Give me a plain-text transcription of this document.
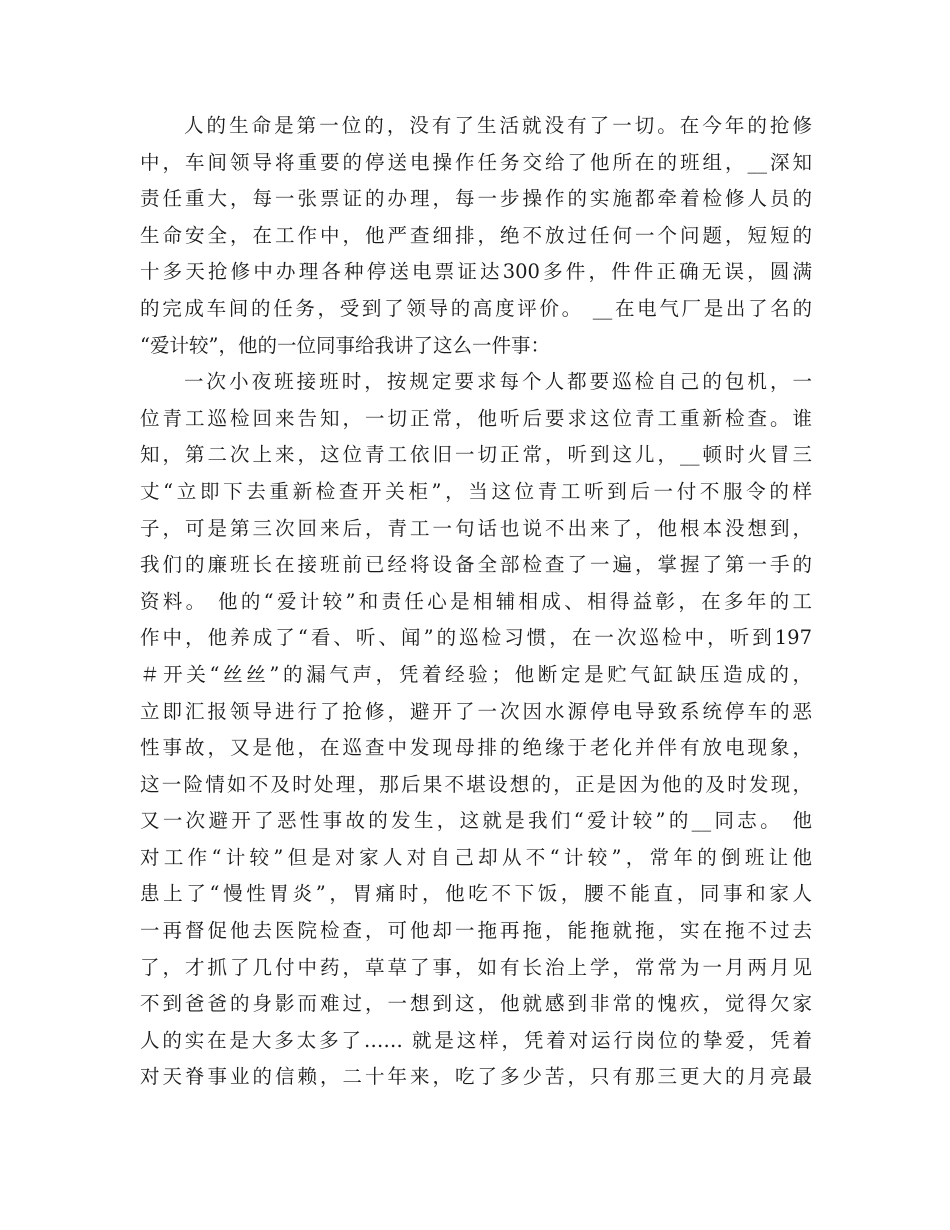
人的生命是第一位的，没有了生活就没有了一切。在今年的抢修
中，车间领导将重要的停送电操作任务交给了他所在的班组，__深知
责任重大，每一张票证的办理，每一步操作的实施都牵着检修人员的
生命安全，在工作中，他严查细排，绝不放过任何一个问题，短短的
十多天抢修中办理各种停送电票证达300多件，件件正确无误，圆满
的完成车间的任务，受到了领导的高度评价。 __在电气厂是出了名的
“爱计较”，他的一位同事给我讲了这么一件事：
一次小夜班接班时，按规定要求每个人都要巡检自己的包机，一
位青工巡检回来告知，一切正常，他听后要求这位青工重新检查。谁
知，第二次上来，这位青工依旧一切正常，听到这儿，__顿时火冒三
丈“立即下去重新检查开关柜”，当这位青工听到后一付不服令的样
子，可是第三次回来后，青工一句话也说不出来了，他根本没想到，
我们的廉班长在接班前已经将设备全部检查了一遍，掌握了第一手的
资料。 他的“爱计较”和责任心是相辅相成、相得益彰，在多年的工
作中，他养成了“看、听、闻”的巡检习惯，在一次巡检中，听到197
＃开关“丝丝”的漏气声，凭着经验；他断定是贮气缸缺压造成的，
立即汇报领导进行了抢修，避开了一次因水源停电导致系统停车的恶
性事故，又是他，在巡查中发现母排的绝缘于老化并伴有放电现象，
这一险情如不及时处理，那后果不堪设想的，正是因为他的及时发现，
又一次避开了恶性事故的发生，这就是我们“爱计较”的__同志。 他
对工作“计较”但是对家人对自己却从不“计较”，常年的倒班让他
患上了“慢性胃炎”，胃痛时，他吃不下饭，腰不能直，同事和家人
一再督促他去医院检查，可他却一拖再拖，能拖就拖，实在拖不过去
了，才抓了几付中药，草草了事，如有长治上学，常常为一月两月见
不到爸爸的身影而难过，一想到这，他就感到非常的愧疚，觉得欠家
人的实在是大多太多了…… 就是这样，凭着对运行岗位的挚爱，凭着
对天脊事业的信赖，二十年来，吃了多少苦，只有那三更大的月亮最
